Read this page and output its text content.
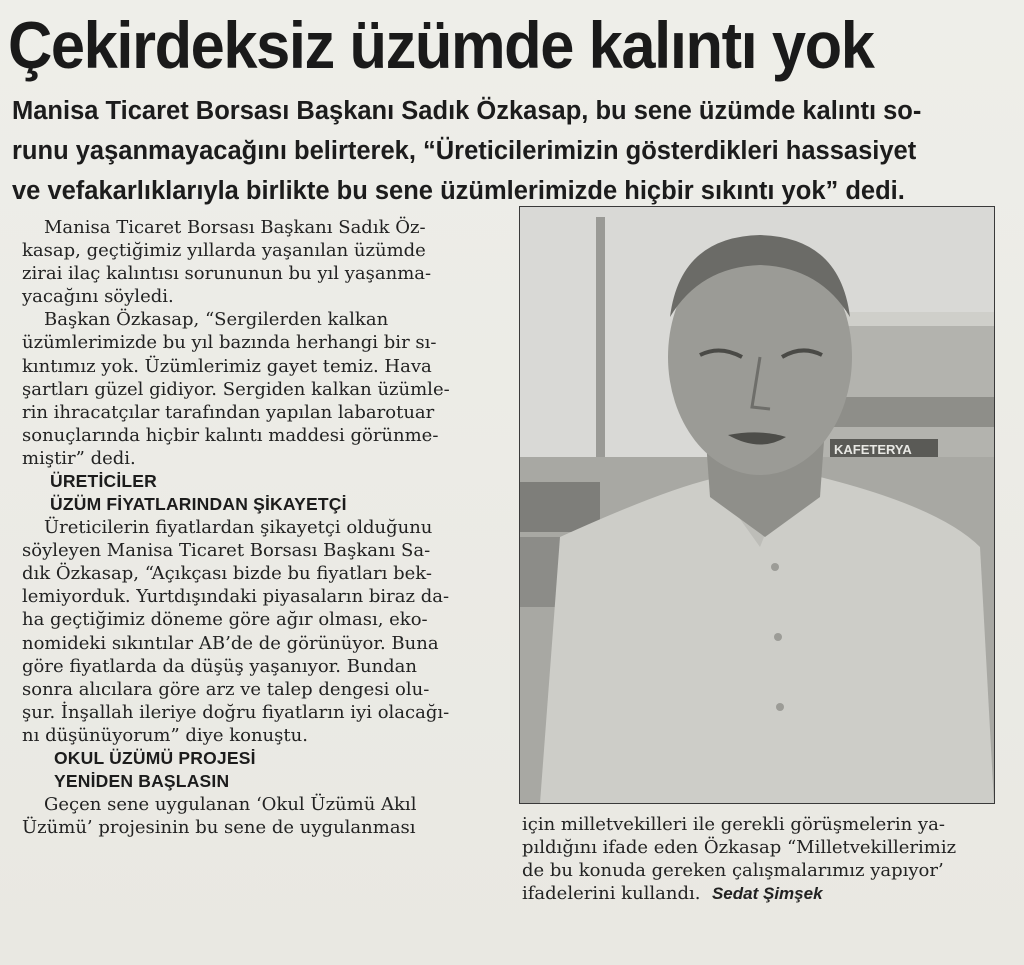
Çekirdeksiz üzümde kalıntı yok
Manisa Ticaret Borsası Başkanı Sadık Özkasap, bu sene üzümde kalıntı so-
runu yaşanmayacağını belirterek, “Üreticilerimizin gösterdikleri hassasiyet
ve vefakarlıklarıyla birlikte bu sene üzümlerimizde hiçbir sıkıntı yok” dedi.

Manisa Ticaret Borsası Başkanı Sadık Öz-

kasap, geçtiğimiz yıllarda yaşanılan üzümde

zirai ilaç kalıntısı sorununun bu yıl yaşanma-

yacağını söyledi.

Başkan Özkasap, “Sergilerden kalkan

üzümlerimizde bu yıl bazında herhangi bir sı-

kıntımız yok. Üzümlerimiz gayet temiz. Hava

şartları güzel gidiyor. Sergiden kalkan üzümle-

rin ihracatçılar tarafından yapılan labarotuar

sonuçlarında hiçbir kalıntı maddesi görünme-

miştir” dedi.

ÜRETİCİLER
ÜZÜM FİYATLARINDAN ŞİKAYETÇİ

Üreticilerin fiyatlardan şikayetçi olduğunu

söyleyen Manisa Ticaret Borsası Başkanı Sa-

dık Özkasap, “Açıkçası bizde bu fiyatları bek-

lemiyorduk. Yurtdışındaki piyasaların biraz da-

ha geçtiğimiz döneme göre ağır olması, eko-

nomideki sıkıntılar AB’de de görünüyor. Buna

göre fiyatlarda da düşüş yaşanıyor. Bundan

sonra alıcılara göre arz ve talep dengesi olu-

şur. İnşallah ileriye doğru fiyatların iyi olacağı-

nı düşünüyorum” diye konuştu.

OKUL ÜZÜMÜ PROJESİ
YENİDEN BAŞLASIN

Geçen sene uygulanan ‘Okul Üzümü Akıl

Üzümü’ projesinin bu sene de uygulanması

KAFETERYA
için milletvekilleri ile gerekli görüşmelerin ya-
pıldığını ifade eden Özkasap “Milletvekillerimiz
de bu konuda gereken çalışmalarımız yapıyor’
ifadelerini kullandı. Sedat Şimşek
